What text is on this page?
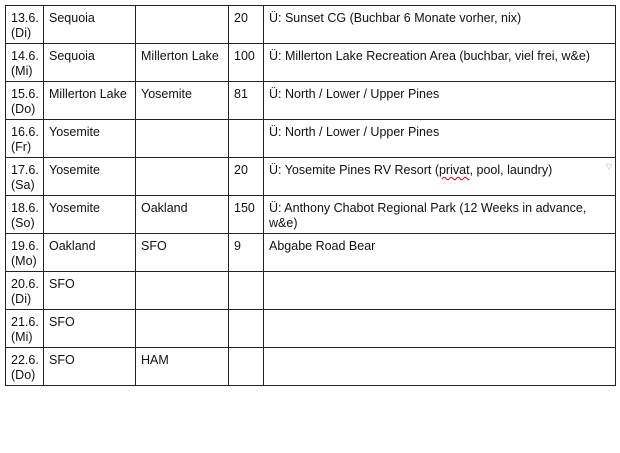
13.6.
(Di)	Sequoia		20	Ü: Sunset CG (Buchbar 6 Monate vorher, nix)
14.6.
(Mi)	Sequoia	Millerton Lake	100	Ü: Millerton Lake Recreation Area (buchbar, viel frei, w&e)
15.6.
(Do)	Millerton Lake	Yosemite	81	Ü: North / Lower / Upper Pines
16.6.
(Fr)	Yosemite			Ü: North / Lower / Upper Pines
17.6.
(Sa)	Yosemite		20	Ü: Yosemite Pines RV Resort (privat, pool, laundry) ▽

18.6.
(So)	Yosemite	Oakland	150	Ü: Anthony Chabot Regional Park (12 Weeks in advance, w&e)
19.6.
(Mo)	Oakland	SFO	9	Abgabe Road Bear
20.6.
(Di)	SFO			
21.6.
(Mi)	SFO			
22.6.
(Do)	SFO	HAM		
